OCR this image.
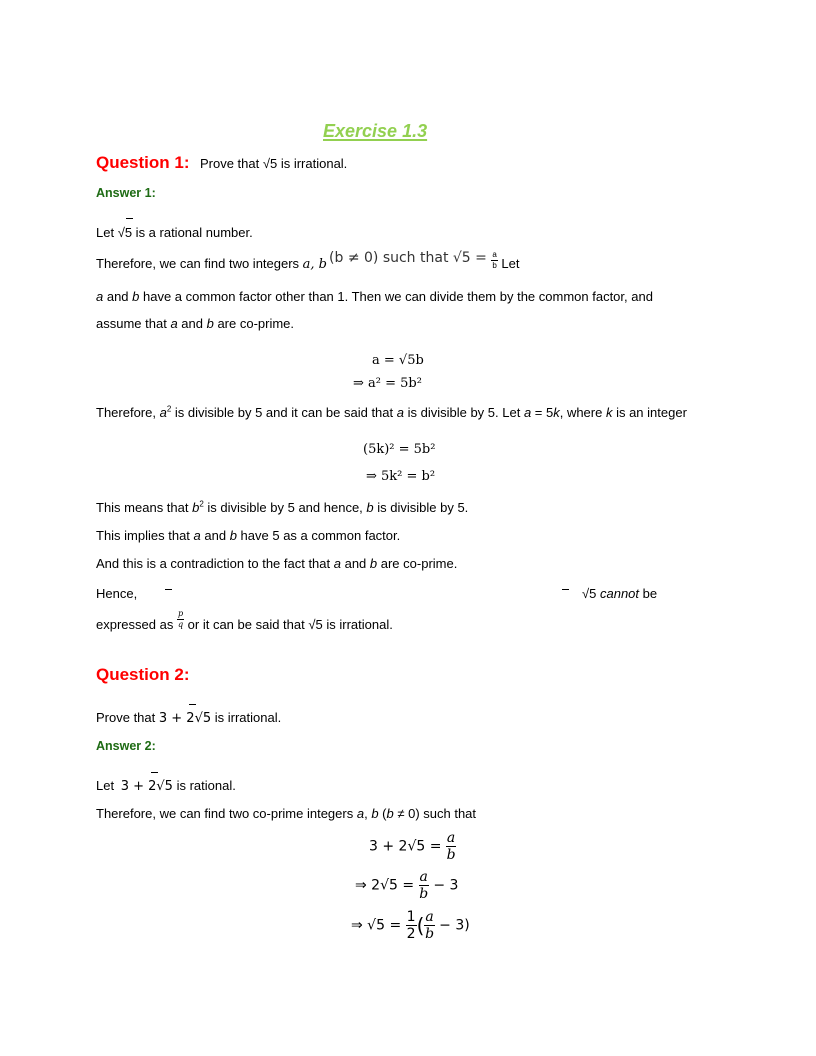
Exercise 1.3
Question 1: Prove that √5 is irrational.
Answer 1:
Let √5 is a rational number.
Therefore, we can find two integers a, b (b ≠ 0) such that $√5 = \frac{a}{b}$ Let
a and b have a common factor other than 1. Then we can divide them by the common factor, and
assume that a and b are co-prime.
a = √5b
⇒ a² = 5b²
Therefore, $a^2$ is divisible by 5 and it can be said that a is divisible by 5. Let a = 5k, where k is an integer
(5k)² = 5b²
⇒ 5k² = b²
This means that $b^2$ is divisible by 5 and hence, b is divisible by 5.
This implies that a and b have 5 as a common factor.
And this is a contradiction to the fact that a and b are co-prime.
Hence,	√5 cannot be
expressed as $\frac{p}{q}$ or it can be said that √5 is irrational.
Question 2:
Prove that 3 + 2√5 is irrational.
Answer 2:
Let 3 + 2√5 is rational.
Therefore, we can find two co-prime integers a, b (b ≠ 0) such that
$3 + 2√5 = \frac{a}{b}$
⇒ $2√5 = \frac{a}{b} - 3$
⇒ $√5 = \frac{1}{2}$ ( $\frac{a}{b} - 3$)
